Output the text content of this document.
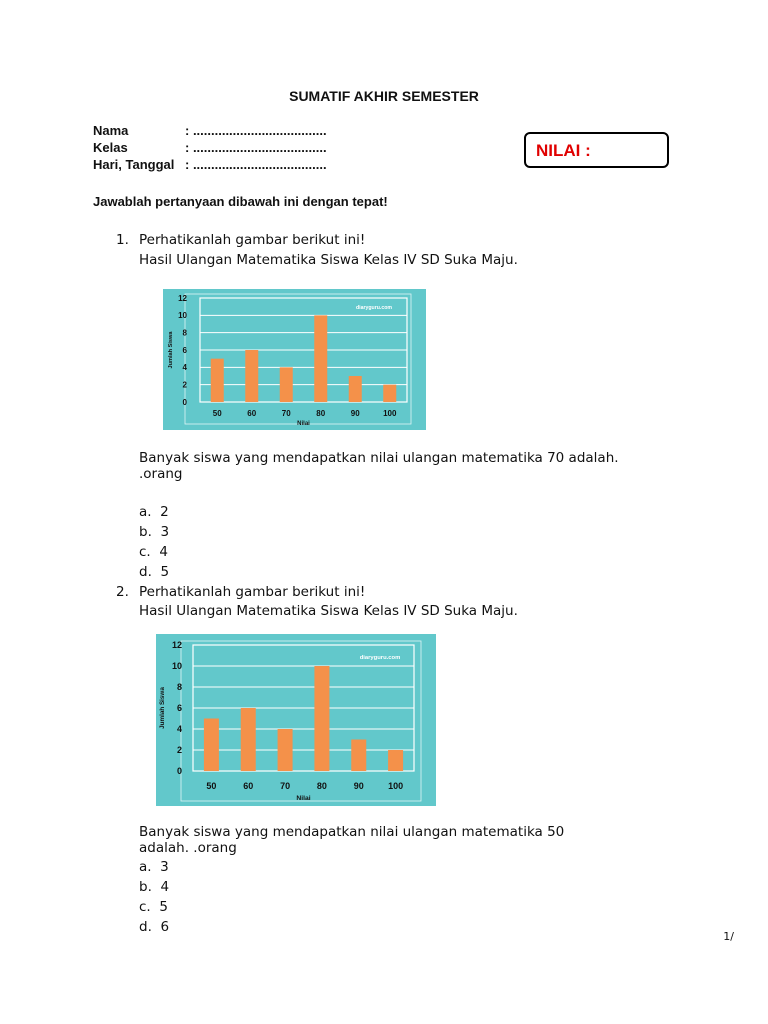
SUMATIF AKHIR SEMESTER
Nama	: .....................................
Kelas	: .....................................
Hari, Tanggal : .....................................
NILAI :
Jawablah pertanyaan dibawah ini dengan tepat!
1. Perhatikanlah gambar berikut ini!
Hasil Ulangan Matematika Siswa Kelas IV SD Suka Maju.
0
2
4
6
8
10
12
50	60	70	80	90	100
Nilai
Jumlah Siswa
diaryguru.com
Banyak siswa yang mendapatkan nilai ulangan matematika 70 adalah.
.orang
a. 2
b. 3
c. 4
d. 5
2. Perhatikanlah gambar berikut ini!
Hasil Ulangan Matematika Siswa Kelas IV SD Suka Maju.
0
2
4
6
8
10
12
50	60	70	80	90	100
Nilai
Jumlah Siswa
diaryguru.com
Banyak siswa yang mendapatkan nilai ulangan matematika 50
adalah. .orang
a. 3
b. 4
c. 5
d. 6
1/
